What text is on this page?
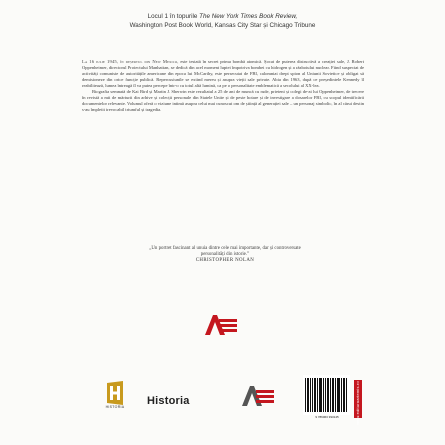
Locul 1 în topurile The New York Times Book Review,
Washington Post Book World, Kansas City Star și Chicago Tribune

La 16 iulie 1945, în deșertul din New Mexico, este testată în secret prima bombă atomică. Șocat de puterea distructivă a creației sale, J. Robert Oppenheimer, directorul Proiectului Manhattan, se dedică din acel moment luptei împotriva bombei cu hidrogen și a războiului nuclear. Fiind suspectat de activități comuniste de autoritățile americane din epoca lui McCarthy, este persecutat de FBI, calomniat drept spion al Uniunii Sovietice și obligat să demisioneze din orice funcție publică. Repercusiunile se extind mereu și asupra vieții sale private. Abia din 1963, după ce președintele Kennedy îl reabilitează, lumea întreagă îl va putea percepe într-o cu totul altă lumină, ca pe o personalitate emblematică a secolului al XX-lea.

Biografia semnată de Kai Bird și Martin J. Sherwin este rezultatul a 25 de ani de muncă cu rude, prieteni și colegi de-ai lui Oppenheimer, de trecere în revistă a mii de mărturii din arhive și colecții personale din Statele Unite și de peste hotare și de investigare a dosarelor FBI, cu scopul identificării documentelor relevante. Volumul oferă o viziune intimă asupra celui mai cunoscut om de știință al generației sale – un personaj simbolic, în al cărui destin s-au împletit irevocabil triumful și tragedia.

„Un portret fascinant al unuia dintre cele mai importante, dar și controversate personalități din istorie.”
CHRISTOPHER NOLAN
HISTORIA	Historia
9 786063 393145	www.edituraartemis.ro
